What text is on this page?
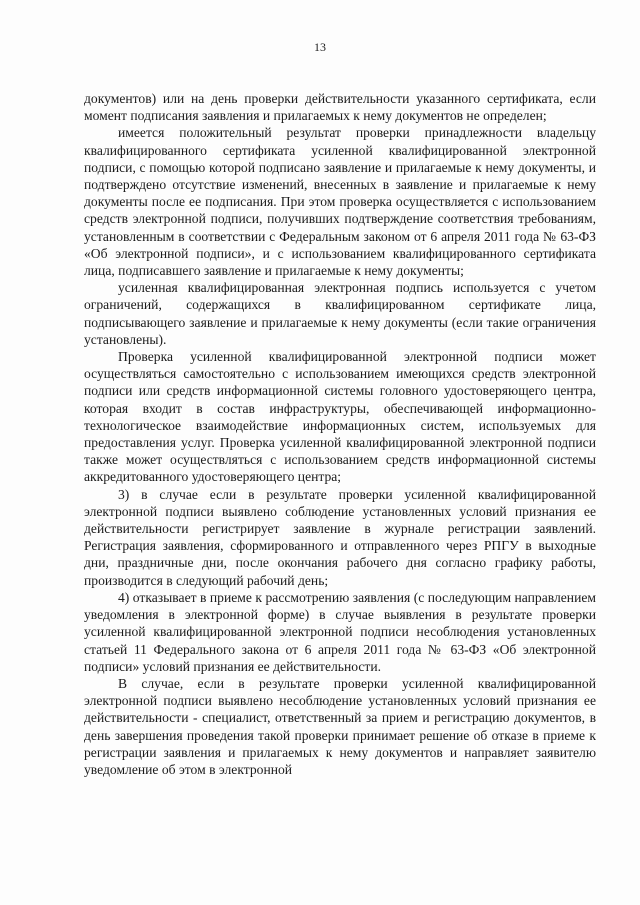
13

документов) или на день проверки действительности указанного сертификата, если момент подписания заявления и прилагаемых к нему документов не определен;

имеется положительный результат проверки принадлежности владельцу квалифицированного сертификата усиленной квалифицированной электронной подписи, с помощью которой подписано заявление и прилагаемые к нему документы, и подтверждено отсутствие изменений, внесенных в заявление и прилагаемые к нему документы после ее подписания. При этом проверка осуществляется с использованием средств электронной подписи, получивших подтверждение соответствия требованиям, установленным в соответствии с Федеральным законом от 6 апреля 2011 года № 63-ФЗ «Об электронной подписи», и с использованием квалифицированного сертификата лица, подписавшего заявление и прилагаемые к нему документы;

усиленная квалифицированная электронная подпись используется с учетом ограничений, содержащихся в квалифицированном сертификате лица, подписывающего заявление и прилагаемые к нему документы (если такие ограничения установлены).

Проверка усиленной квалифицированной электронной подписи может осуществляться самостоятельно с использованием имеющихся средств электронной подписи или средств информационной системы головного удостоверяющего центра, которая входит в состав инфраструктуры, обеспечивающей информационно-технологическое взаимодействие информационных систем, используемых для предоставления услуг. Проверка усиленной квалифицированной электронной подписи также может осуществляться с использованием средств информационной системы аккредитованного удостоверяющего центра;

3) в случае если в результате проверки усиленной квалифицированной электронной подписи выявлено соблюдение установленных условий признания ее действительности регистрирует заявление в журнале регистрации заявлений. Регистрация заявления, сформированного и отправленного через РПГУ в выходные дни, праздничные дни, после окончания рабочего дня согласно графику работы, производится в следующий рабочий день;

4) отказывает в приеме к рассмотрению заявления (с последующим направлением уведомления в электронной форме) в случае выявления в результате проверки усиленной квалифицированной электронной подписи несоблюдения установленных статьей 11 Федерального закона от 6 апреля 2011 года № 63-ФЗ «Об электронной подписи» условий признания ее действительности.

В случае, если в результате проверки усиленной квалифицированной электронной подписи выявлено несоблюдение установленных условий признания ее действительности - специалист, ответственный за прием и регистрацию документов, в день завершения проведения такой проверки принимает решение об отказе в приеме к регистрации заявления и прилагаемых к нему документов и направляет заявителю уведомление об этом в электронной
